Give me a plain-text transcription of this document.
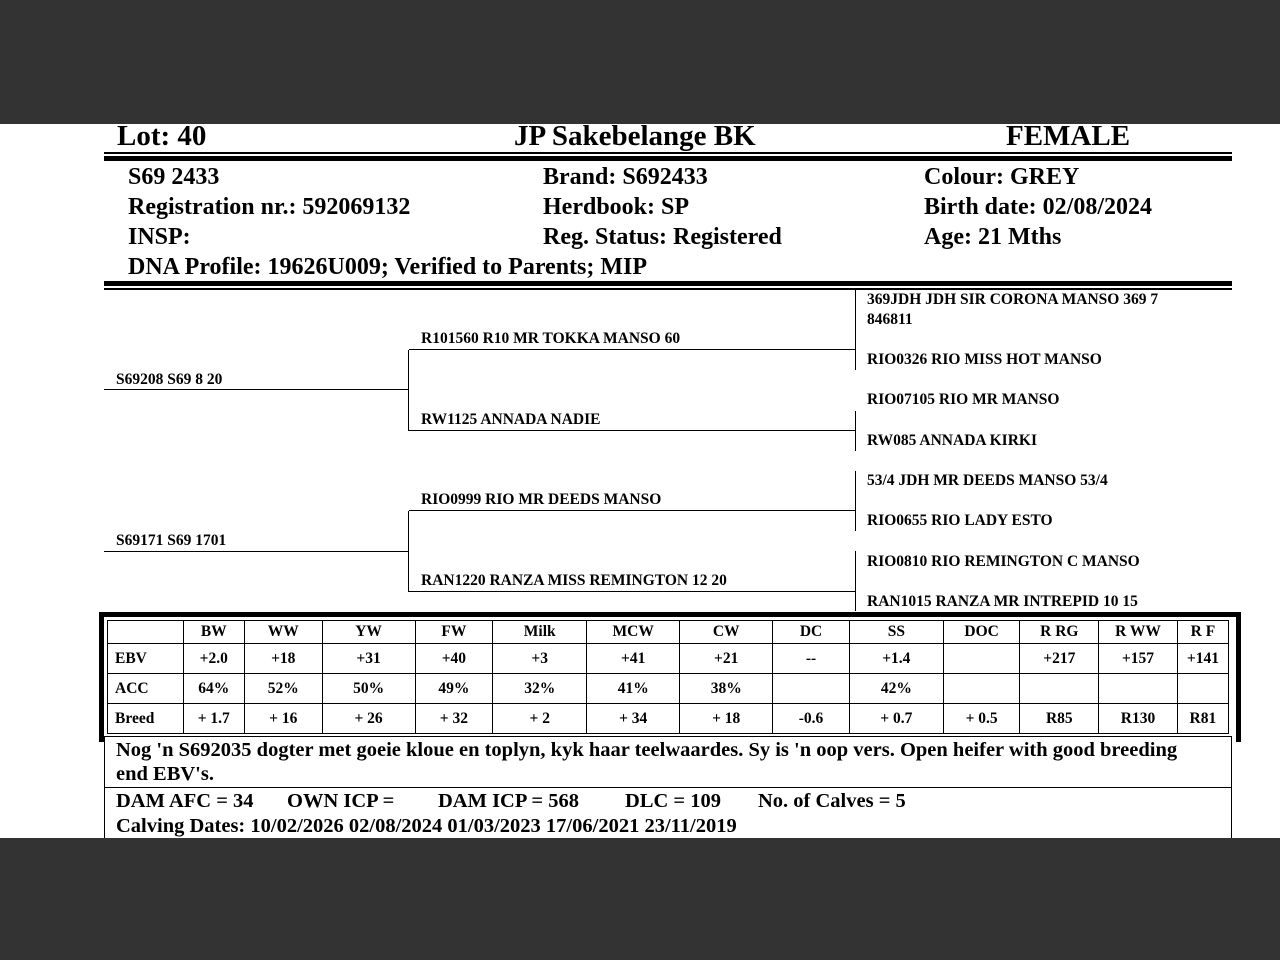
Lot: 40	JP Sakebelange BK	FEMALE
S69 2433
Registration nr.: 592069132
INSP:
DNA Profile: 19626U009; Verified to Parents; MIP
Brand: S692433
Herdbook: SP
Reg. Status: Registered
Colour: GREY
Birth date: 02/08/2024
Age: 21 Mths
S69208 S69 8 20
S69171 S69 1701
R101560 R10 MR TOKKA MANSO 60
RW1125 ANNADA NADIE
RIO0999 RIO MR DEEDS MANSO
RAN1220 RANZA MISS REMINGTON 12 20
369JDH JDH SIR CORONA MANSO 369 7 846811
RIO0326 RIO MISS HOT MANSO
RIO07105 RIO MR MANSO
RW085 ANNADA KIRKI
53/4 JDH MR DEEDS MANSO 53/4
RIO0655 RIO LADY ESTO
RIO0810 RIO REMINGTON C MANSO
RAN1015 RANZA MR INTREPID 10 15
	BW	WW	YW	FW	Milk	MCW	CW	DC	SS	DOC	R RG	R WW	R F
EBV	+2.0	+18	+31	+40	+3	+41	+21	--	+1.4		+217	+157	+141
ACC	64%	52%	50%	49%	32%	41%	38%		42%				
Breed	+ 1.7	+ 16	+ 26	+ 32	+ 2	+ 34	+ 18	-0.6	+ 0.7	+ 0.5	R85	R130	R81
Nog 'n S692035 dogter met goeie kloue en toplyn, kyk haar teelwaardes. Sy is 'n oop vers. Open heifer with good breeding end EBV's.
DAM AFC = 34 OWN ICP = DAM ICP = 568 DLC = 109 No. of Calves = 5
Calving Dates: 10/02/2026 02/08/2024 01/03/2023 17/06/2021 23/11/2019
